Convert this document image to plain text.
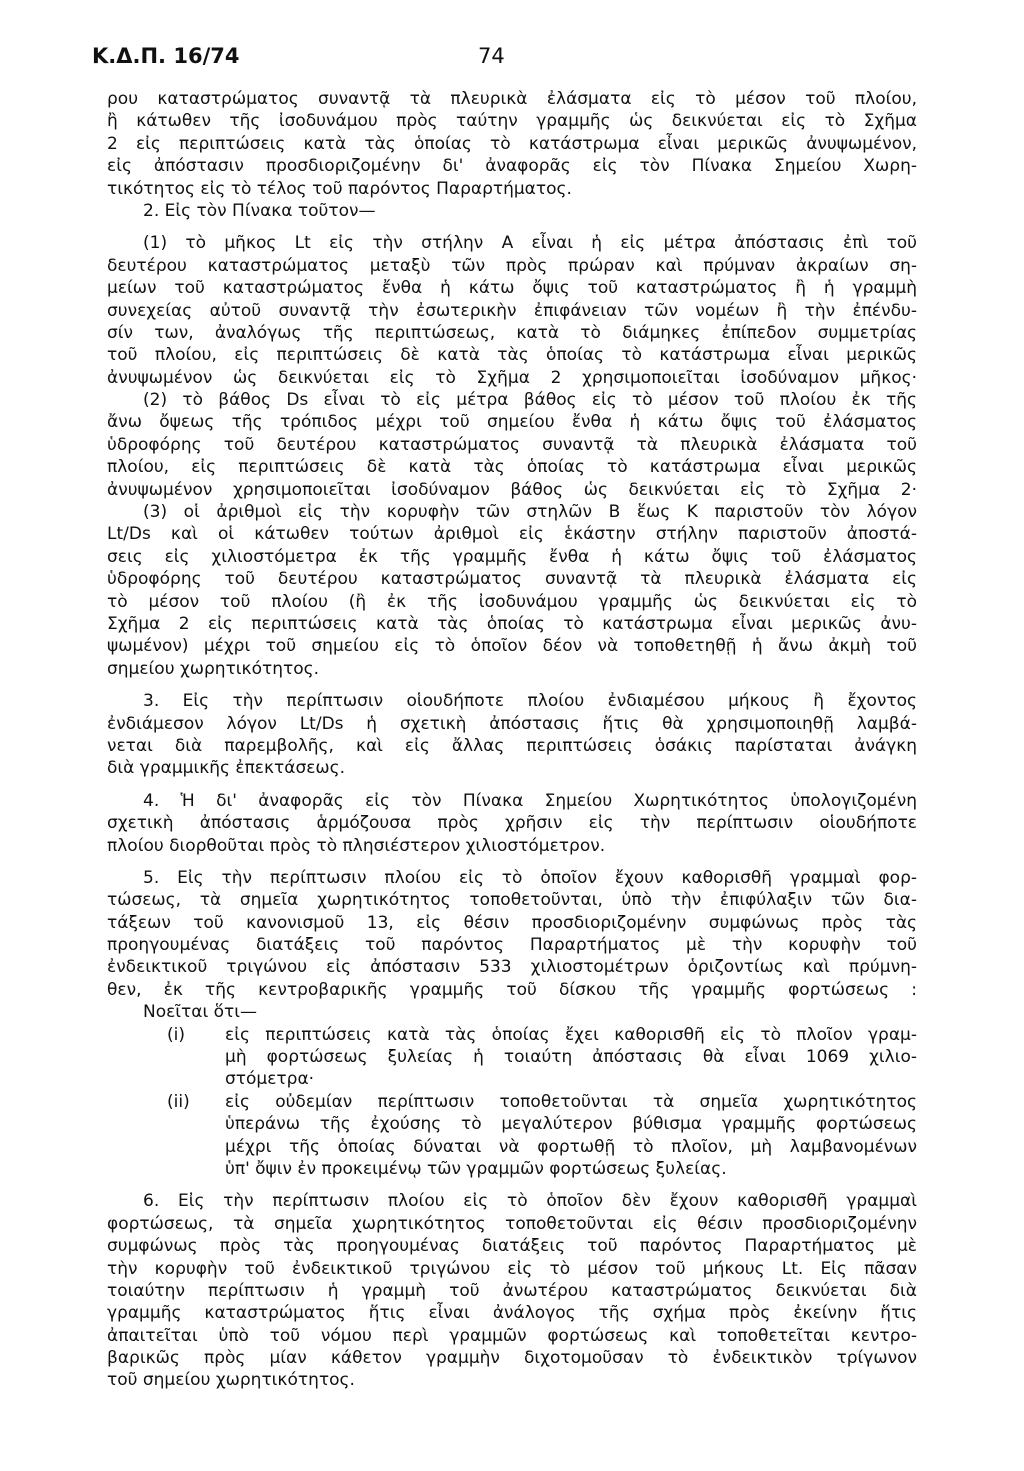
Κ.Δ.Π. 16/74	74
ρου καταστρώματος συναντᾷ τὰ πλευρικὰ ἐλάσματα εἰς τὸ μέσον τοῦ πλοίου,
ἢ κάτωθεν τῆς ἰσοδυνάμου πρὸς ταύτην γραμμῆς ὡς δεικνύεται εἰς τὸ Σχῆμα
2 εἰς περιπτώσεις κατὰ τὰς ὁποίας τὸ κατάστρωμα εἶναι μερικῶς ἀνυψωμένον,
εἰς ἀπόστασιν προσδιοριζομένην δι' ἀναφορᾶς εἰς τὸν Πίνακα Σημείου Χωρη-
τικότητος εἰς τὸ τέλος τοῦ παρόντος Παραρτήματος.
2. Εἰς τὸν Πίνακα τοῦτον—
(1) τὸ μῆκος Lt εἰς τὴν στήλην Α εἶναι ἡ εἰς μέτρα ἀπόστασις ἐπὶ τοῦ
δευτέρου καταστρώματος μεταξὺ τῶν πρὸς πρώραν καὶ πρύμναν ἀκραίων ση-
μείων τοῦ καταστρώματος ἔνθα ἡ κάτω ὄψις τοῦ καταστρώματος ἢ ἡ γραμμὴ
συνεχείας αὐτοῦ συναντᾷ τὴν ἐσωτερικὴν ἐπιφάνειαν τῶν νομέων ἢ τὴν ἐπένδυ-
σίν των, ἀναλόγως τῆς περιπτώσεως, κατὰ τὸ διάμηκες ἐπίπεδον συμμετρίας
τοῦ πλοίου, εἰς περιπτώσεις δὲ κατὰ τὰς ὁποίας τὸ κατάστρωμα εἶναι μερικῶς
ἀνυψωμένον ὡς δεικνύεται εἰς τὸ Σχῆμα 2 χρησιμοποιεῖται ἰσοδύναμον μῆκος·
(2) τὸ βάθος Ds εἶναι τὸ εἰς μέτρα βάθος εἰς τὸ μέσον τοῦ πλοίου ἐκ τῆς
ἄνω ὄψεως τῆς τρόπιδος μέχρι τοῦ σημείου ἔνθα ἡ κάτω ὄψις τοῦ ἐλάσματος
ὑδροφόρης τοῦ δευτέρου καταστρώματος συναντᾷ τὰ πλευρικὰ ἐλάσματα τοῦ
πλοίου, εἰς περιπτώσεις δὲ κατὰ τὰς ὁποίας τὸ κατάστρωμα εἶναι μερικῶς
ἀνυψωμένον χρησιμοποιεῖται ἰσοδύναμον βάθος ὡς δεικνύεται εἰς τὸ Σχῆμα 2·
(3) οἱ ἀριθμοὶ εἰς τὴν κορυφὴν τῶν στηλῶν Β ἕως Κ παριστοῦν τὸν λόγον
Lt/Ds καὶ οἱ κάτωθεν τούτων ἀριθμοὶ εἰς ἑκάστην στήλην παριστοῦν ἀποστά-
σεις εἰς χιλιοστόμετρα ἐκ τῆς γραμμῆς ἔνθα ἡ κάτω ὄψις τοῦ ἐλάσματος
ὑδροφόρης τοῦ δευτέρου καταστρώματος συναντᾷ τὰ πλευρικὰ ἐλάσματα εἰς
τὸ μέσον τοῦ πλοίου (ἢ ἐκ τῆς ἰσοδυνάμου γραμμῆς ὡς δεικνύεται εἰς τὸ
Σχῆμα 2 εἰς περιπτώσεις κατὰ τὰς ὁποίας τὸ κατάστρωμα εἶναι μερικῶς ἀνυ-
ψωμένον) μέχρι τοῦ σημείου εἰς τὸ ὁποῖον δέον νὰ τοποθετηθῇ ἡ ἄνω ἀκμὴ τοῦ
σημείου χωρητικότητος.
3. Εἰς τὴν περίπτωσιν οἱουδήποτε πλοίου ἐνδιαμέσου μήκους ἢ ἔχοντος
ἐνδιάμεσον λόγον Lt/Ds ἡ σχετικὴ ἀπόστασις ἥτις θὰ χρησιμοποιηθῇ λαμβά-
νεται διὰ παρεμβολῆς, καὶ εἰς ἄλλας περιπτώσεις ὁσάκις παρίσταται ἀνάγκη
διὰ γραμμικῆς ἐπεκτάσεως.
4. Ἡ δι' ἀναφορᾶς εἰς τὸν Πίνακα Σημείου Χωρητικότητος ὑπολογιζομένη
σχετικὴ ἀπόστασις ἁρμόζουσα πρὸς χρῆσιν εἰς τὴν περίπτωσιν οἱουδήποτε
πλοίου διορθοῦται πρὸς τὸ πλησιέστερον χιλιοστόμετρον.
5. Εἰς τὴν περίπτωσιν πλοίου εἰς τὸ ὁποῖον ἔχουν καθορισθῆ γραμμαὶ φορ-
τώσεως, τὰ σημεῖα χωρητικότητος τοποθετοῦνται, ὑπὸ τὴν ἐπιφύλαξιν τῶν δια-
τάξεων τοῦ κανονισμοῦ 13, εἰς θέσιν προσδιοριζομένην συμφώνως πρὸς τὰς
προηγουμένας διατάξεις τοῦ παρόντος Παραρτήματος μὲ τὴν κορυφὴν τοῦ
ἐνδεικτικοῦ τριγώνου εἰς ἀπόστασιν 533 χιλιοστομέτρων ὁριζοντίως καὶ πρύμνη-
θεν, ἐκ τῆς κεντροβαρικῆς γραμμῆς τοῦ δίσκου τῆς γραμμῆς φορτώσεως :
Νοεῖται ὅτι—
(i)	εἰς περιπτώσεις κατὰ τὰς ὁποίας ἔχει καθορισθῆ εἰς τὸ πλοῖον γραμ-
μὴ φορτώσεως ξυλείας ἡ τοιαύτη ἀπόστασις θὰ εἶναι 1069 χιλιο-
στόμετρα·
(ii)	εἰς οὐδεμίαν περίπτωσιν τοποθετοῦνται τὰ σημεῖα χωρητικότητος
ὑπεράνω τῆς ἐχούσης τὸ μεγαλύτερον βύθισμα γραμμῆς φορτώσεως
μέχρι τῆς ὁποίας δύναται νὰ φορτωθῇ τὸ πλοῖον, μὴ λαμβανομένων
ὑπ' ὄψιν ἐν προκειμένῳ τῶν γραμμῶν φορτώσεως ξυλείας.
6. Εἰς τὴν περίπτωσιν πλοίου εἰς τὸ ὁποῖον δὲν ἔχουν καθορισθῆ γραμμαὶ
φορτώσεως, τὰ σημεῖα χωρητικότητος τοποθετοῦνται εἰς θέσιν προσδιοριζομένην
συμφώνως πρὸς τὰς προηγουμένας διατάξεις τοῦ παρόντος Παραρτήματος μὲ
τὴν κορυφὴν τοῦ ἐνδεικτικοῦ τριγώνου εἰς τὸ μέσον τοῦ μήκους Lt. Εἰς πᾶσαν
τοιαύτην περίπτωσιν ἡ γραμμὴ τοῦ ἀνωτέρου καταστρώματος δεικνύεται διὰ
γραμμῆς καταστρώματος ἥτις εἶναι ἀνάλογος τῆς σχήμα πρὸς ἐκείνην ἥτις
ἀπαιτεῖται ὑπὸ τοῦ νόμου περὶ γραμμῶν φορτώσεως καὶ τοποθετεῖται κεντρο-
βαρικῶς πρὸς μίαν κάθετον γραμμὴν διχοτομοῦσαν τὸ ἐνδεικτικὸν τρίγωνον
τοῦ σημείου χωρητικότητος.
